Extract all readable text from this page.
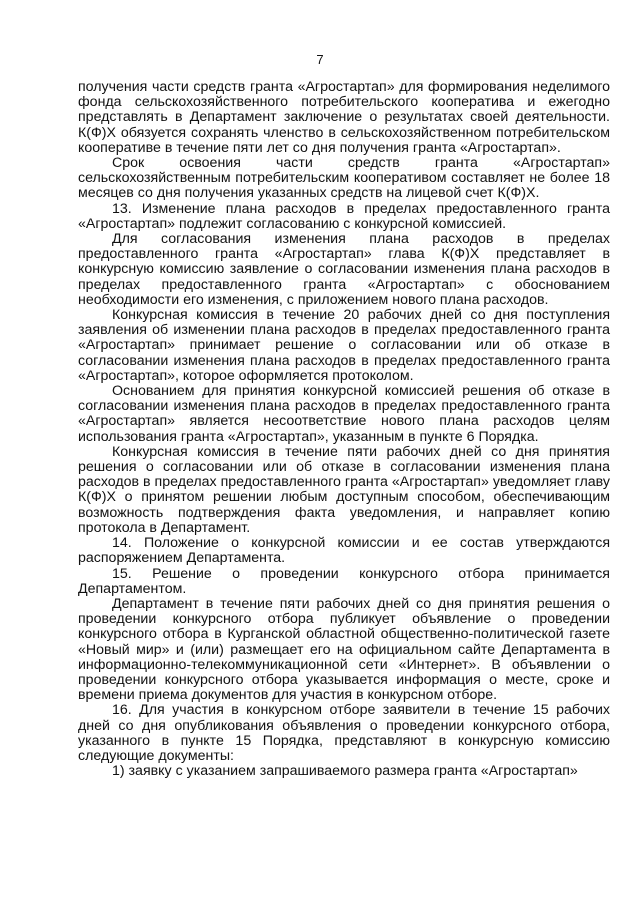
7

получения части средств гранта «Агростартап» для формирования неделимого фонда сельскохозяйственного потребительского кооператива и ежегодно представлять в Департамент заключение о результатах своей деятельности. К(Ф)Х обязуется сохранять членство в сельскохозяйственном потребительском кооперативе в течение пяти лет со дня получения гранта «Агростартап».

Срок освоения части средств гранта «Агростартап» сельскохозяйственным потребительским кооперативом составляет не более 18 месяцев со дня получения указанных средств на лицевой счет К(Ф)Х.

13. Изменение плана расходов в пределах предоставленного гранта «Агростартап» подлежит согласованию с конкурсной комиссией.

Для согласования изменения плана расходов в пределах предоставленного гранта «Агростартап» глава К(Ф)Х представляет в конкурсную комиссию заявление о согласовании изменения плана расходов в пределах предоставленного гранта «Агростартап» с обоснованием необходимости его изменения, с приложением нового плана расходов.

Конкурсная комиссия в течение 20 рабочих дней со дня поступления заявления об изменении плана расходов в пределах предоставленного гранта «Агростартап» принимает решение о согласовании или об отказе в согласовании изменения плана расходов в пределах предоставленного гранта «Агростартап», которое оформляется протоколом.

Основанием для принятия конкурсной комиссией решения об отказе в согласовании изменения плана расходов в пределах предоставленного гранта «Агростартап» является несоответствие нового плана расходов целям использования гранта «Агростартап», указанным в пункте 6 Порядка.

Конкурсная комиссия в течение пяти рабочих дней со дня принятия решения о согласовании или об отказе в согласовании изменения плана расходов в пределах предоставленного гранта «Агростартап» уведомляет главу К(Ф)Х о принятом решении любым доступным способом, обеспечивающим возможность подтверждения факта уведомления, и направляет копию протокола в Департамент.

14. Положение о конкурсной комиссии и ее состав утверждаются распоряжением Департамента.

15. Решение о проведении конкурсного отбора принимается Департаментом.

Департамент в течение пяти рабочих дней со дня принятия решения о проведении конкурсного отбора публикует объявление о проведении конкурсного отбора в Курганской областной общественно-политической газете «Новый мир» и (или) размещает его на официальном сайте Департамента в информационно-телекоммуникационной сети «Интернет». В объявлении о проведении конкурсного отбора указывается информация о месте, сроке и времени приема документов для участия в конкурсном отборе.

16. Для участия в конкурсном отборе заявители в течение 15 рабочих дней со дня опубликования объявления о проведении конкурсного отбора, указанного в пункте 15 Порядка, представляют в конкурсную комиссию следующие документы:

1) заявку с указанием запрашиваемого размера гранта «Агростартап»
